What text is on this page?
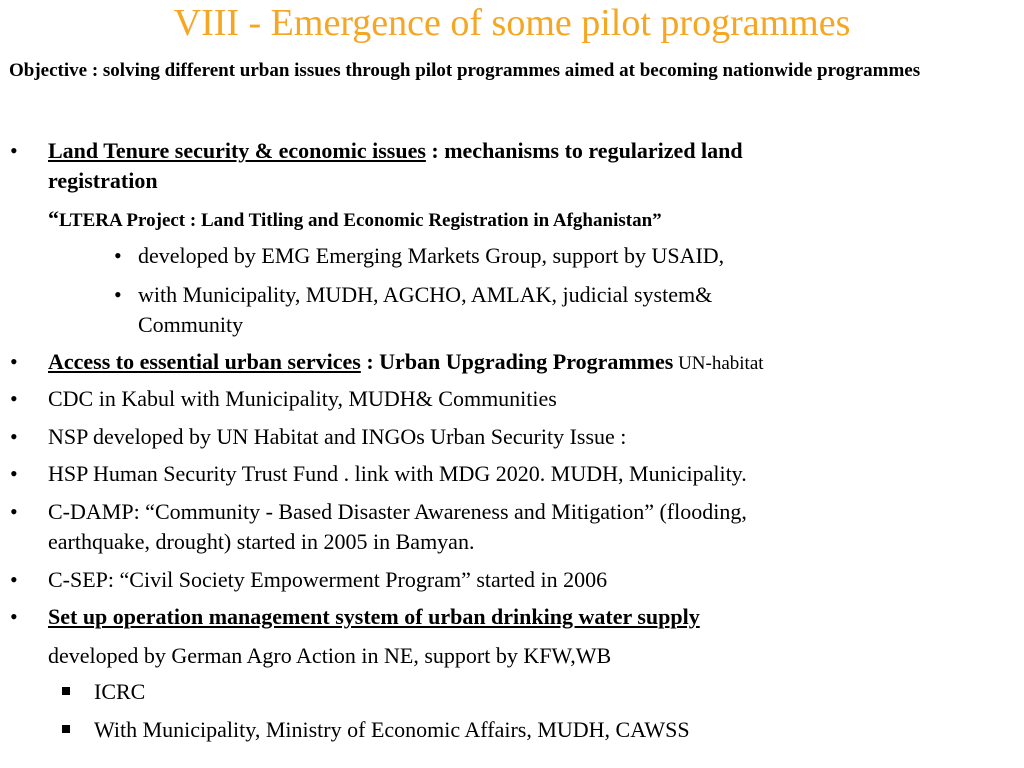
VIII - Emergence of some pilot programmes
Objective : solving different urban issues through pilot programmes aimed at becoming nationwide programmes
• Land Tenure security & economic issues : mechanisms to regularized land
registration
“LTERA Project : Land Titling and Economic Registration in Afghanistan”
• developed by EMG Emerging Markets Group, support by USAID,
• with Municipality, MUDH, AGCHO, AMLAK, judicial system&
Community
• Access to essential urban services : Urban Upgrading Programmes UN-habitat
• CDC in Kabul with Municipality, MUDH& Communities
• NSP developed by UN Habitat and INGOs Urban Security Issue :
• HSP Human Security Trust Fund . link with MDG 2020. MUDH, Municipality.
• C-DAMP: “Community - Based Disaster Awareness and Mitigation” (flooding,
earthquake, drought) started in 2005 in Bamyan.
• C-SEP: “Civil Society Empowerment Program” started in 2006
• Set up operation management system of urban drinking water supply
developed by German Agro Action in NE, support by KFW,WB
ICRC
With Municipality, Ministry of Economic Affairs, MUDH, CAWSS
